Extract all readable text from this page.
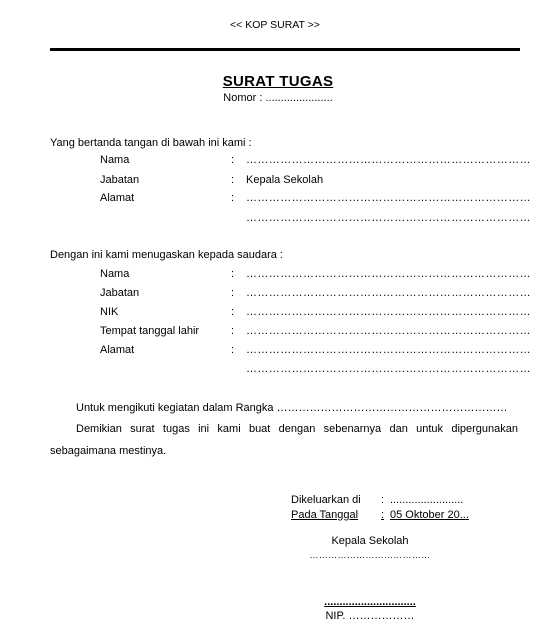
<< KOP SURAT >>
SURAT TUGAS
Nomor : ......................
Yang bertanda tangan di bawah ini kami :
Nama	: …………………………………………………………………
Jabatan	: Kepala Sekolah
Alamat	: …………………………………………………………………
…………………………………………………………………
Dengan ini kami menugaskan kepada saudara :
Nama	: …………………………………………………………………
Jabatan	: …………………………………………………………………
NIK	: …………………………………………………………………
Tempat tanggal lahir	: …………………………………………………………………
Alamat	: …………………………………………………………………
…………………………………………………………………
Untuk mengikuti kegiatan dalam Rangka ………………………………………………………
Demikian surat tugas ini kami buat dengan sebenarnya dan untuk dipergunakan sebagaimana mestinya.
Dikeluarkan di : ........................
Pada Tanggal : 05 Oktober 20...
Kepala Sekolah
…………………………………
..............................
NIP. ………………
